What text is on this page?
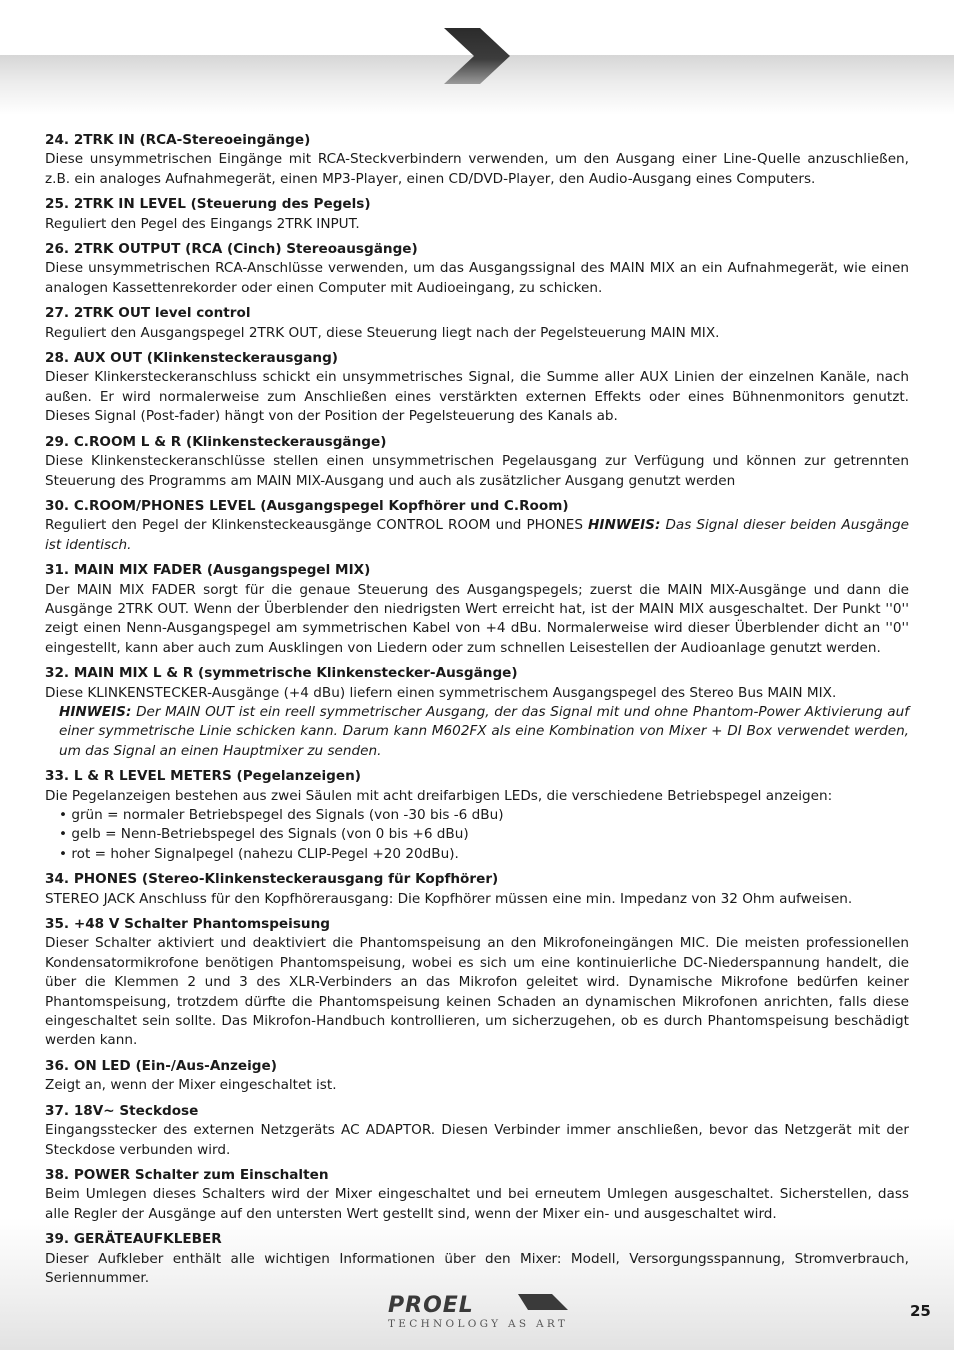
24. 2TRK IN (RCA-Stereoeingänge)
Diese unsymmetrischen Eingänge mit RCA-Steckverbindern verwenden, um den Ausgang einer Line-Quelle anzuschließen, z.B. ein analoges Aufnahmegerät, einen MP3-Player, einen CD/DVD-Player, den Audio-Ausgang eines Computers.
25. 2TRK IN LEVEL (Steuerung des Pegels)
Reguliert den Pegel des Eingangs 2TRK INPUT.
26. 2TRK OUTPUT (RCA (Cinch) Stereoausgänge)
Diese unsymmetrischen RCA-Anschlüsse verwenden, um das Ausgangssignal des MAIN MIX an ein Aufnahmegerät, wie einen analogen Kassettenrekorder oder einen Computer mit Audioeingang, zu schicken.
27. 2TRK OUT level control
Reguliert den Ausgangspegel 2TRK OUT, diese Steuerung liegt nach der Pegelsteuerung MAIN MIX.
28. AUX OUT (Klinkensteckerausgang)
Dieser Klinkersteckeranschluss schickt ein unsymmetrisches Signal, die Summe aller AUX Linien der einzelnen Kanäle, nach außen. Er wird normalerweise zum Anschließen eines verstärkten externen Effekts oder eines Bühnenmonitors genutzt. Dieses Signal (Post-fader) hängt von der Position der Pegelsteuerung des Kanals ab.
29. C.ROOM L & R (Klinkensteckerausgänge)
Diese Klinkensteckeranschlüsse stellen einen unsymmetrischen Pegelausgang zur Verfügung und können zur getrennten Steuerung des Programms am MAIN MIX-Ausgang und auch als zusätzlicher Ausgang genutzt werden
30. C.ROOM/PHONES LEVEL (Ausgangspegel Kopfhörer und C.Room)
Reguliert den Pegel der Klinkensteckeausgänge CONTROL ROOM und PHONES HINWEIS: Das Signal dieser beiden Ausgänge ist identisch.
31. MAIN MIX FADER (Ausgangspegel MIX)
Der MAIN MIX FADER sorgt für die genaue Steuerung des Ausgangspegels; zuerst die MAIN MIX-Ausgänge und dann die Ausgänge 2TRK OUT. Wenn der Überblender den niedrigsten Wert erreicht hat, ist der MAIN MIX ausgeschaltet. Der Punkt ''0'' zeigt einen Nenn-Ausgangspegel am symmetrischen Kabel von +4 dBu. Normalerweise wird dieser Überblender dicht an ''0'' eingestellt, kann aber auch zum Ausklingen von Liedern oder zum schnellen Leisestellen der Audioanlage genutzt werden.
32. MAIN MIX L & R (symmetrische Klinkenstecker-Ausgänge)
Diese KLINKENSTECKER-Ausgänge (+4 dBu) liefern einen symmetrischem Ausgangspegel des Stereo Bus MAIN MIX.
HINWEIS: Der MAIN OUT ist ein reell symmetrischer Ausgang, der das Signal mit und ohne Phantom-Power Aktivierung auf einer symmetrische Linie schicken kann. Darum kann M602FX als eine Kombination von Mixer + DI Box verwendet werden, um das Signal an einen Hauptmixer zu senden.
33. L & R LEVEL METERS (Pegelanzeigen)
Die Pegelanzeigen bestehen aus zwei Säulen mit acht dreifarbigen LEDs, die verschiedene Betriebspegel anzeigen:
• grün = normaler Betriebspegel des Signals (von -30 bis -6 dBu)
• gelb = Nenn-Betriebspegel des Signals (von 0 bis +6 dBu)
• rot = hoher Signalpegel (nahezu CLIP-Pegel +20 20dBu).
34. PHONES (Stereo-Klinkensteckerausgang für Kopfhörer)
STEREO JACK Anschluss für den Kopfhörerausgang: Die Kopfhörer müssen eine min. Impedanz von 32 Ohm aufweisen.
35. +48 V Schalter Phantomspeisung
Dieser Schalter aktiviert und deaktiviert die Phantomspeisung an den Mikrofoneingängen MIC. Die meisten professionellen Kondensatormikrofone benötigen Phantomspeisung, wobei es sich um eine kontinuierliche DC-Niederspannung handelt, die über die Klemmen 2 und 3 des XLR-Verbinders an das Mikrofon geleitet wird. Dynamische Mikrofone bedürfen keiner Phantomspeisung, trotzdem dürfte die Phantomspeisung keinen Schaden an dynamischen Mikrofonen anrichten, falls diese eingeschaltet sein sollte. Das Mikrofon-Handbuch kontrollieren, um sicherzugehen, ob es durch Phantomspeisung beschädigt werden kann.
36. ON LED (Ein-/Aus-Anzeige)
Zeigt an, wenn der Mixer eingeschaltet ist.
37. 18V~ Steckdose
Eingangsstecker des externen Netzgeräts AC ADAPTOR. Diesen Verbinder immer anschließen, bevor das Netzgerät mit der Steckdose verbunden wird.
38. POWER Schalter zum Einschalten
Beim Umlegen dieses Schalters wird der Mixer eingeschaltet und bei erneutem Umlegen ausgeschaltet. Sicherstellen, dass alle Regler der Ausgänge auf den untersten Wert gestellt sind, wenn der Mixer ein- und ausgeschaltet wird.
39. GERÄTEAUFKLEBER
Dieser Aufkleber enthält alle wichtigen Informationen über den Mixer: Modell, Versorgungsspannung, Stromverbrauch, Seriennummer.
PROEL
TECHNOLOGY AS ART
25
